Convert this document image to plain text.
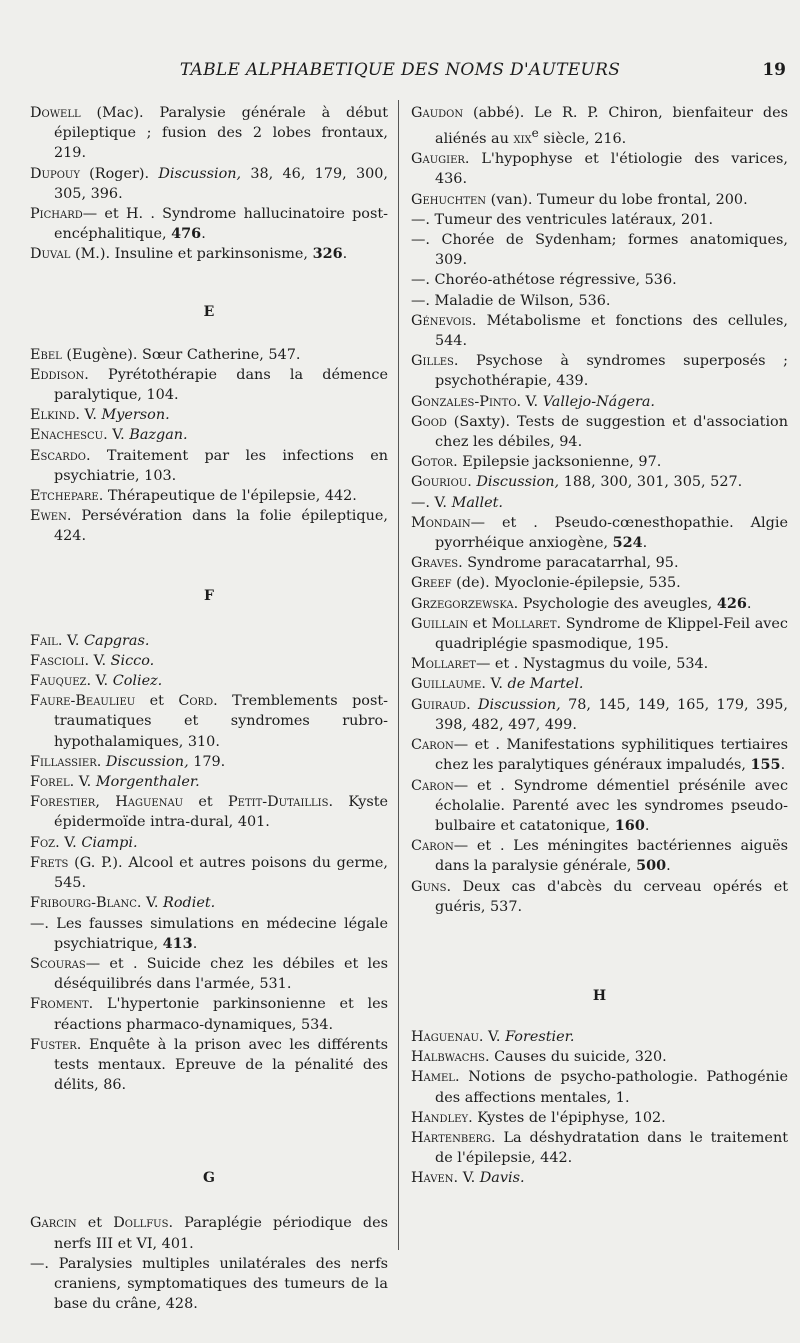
TABLE ALPHABETIQUE DES NOMS D'AUTEURS	19
Dowell (Mac). Paralysie générale à début épileptique ; fusion des 2 lobes frontaux, 219.
Dupouy (Roger). Discussion, 38, 46, 179, 300, 305, 396.
Pichard— et H. . Syndrome hallucinatoire post-encéphalitique, 476.
Duval (M.). Insuline et parkinsonisme, 326.
E
Ebel (Eugène). Sœur Catherine, 547.
Eddison. Pyrétothérapie dans la démence paralytique, 104.
Elkind. V. Myerson.
Enachescu. V. Bazgan.
Escardo. Traitement par les infections en psychiatrie, 103.
Etchepare. Thérapeutique de l'épilepsie, 442.
Ewen. Persévération dans la folie épileptique, 424.
F
Fail. V. Capgras.
Fascioli. V. Sicco.
Fauquez. V. Coliez.
Faure-Beaulieu et Cord. Tremblements post-traumatiques et syndromes rubro-hypothalamiques, 310.
Fillassier. Discussion, 179.
Forel. V. Morgenthaler.
Forestier, Haguenau et Petit-Dutaillis. Kyste épidermoïde intra-dural, 401.
Foz. V. Ciampi.
Frets (G. P.). Alcool et autres poisons du germe, 545.
Fribourg-Blanc. V. Rodiet.
—. Les fausses simulations en médecine légale psychiatrique, 413.
Scouras— et . Suicide chez les débiles et les déséquilibrés dans l'armée, 531.
Froment. L'hypertonie parkinsonienne et les réactions pharmaco-dynamiques, 534.
Fuster. Enquête à la prison avec les différents tests mentaux. Epreuve de la pénalité des délits, 86.
G
Garcin et Dollfus. Paraplégie périodique des nerfs III et VI, 401.
—. Paralysies multiples unilatérales des nerfs craniens, symptomatiques des tumeurs de la base du crâne, 428.
Gaudon (abbé). Le R. P. Chiron, bienfaiteur des aliénés au xix$^e$ siècle, 216.
Gaugier. L'hypophyse et l'étiologie des varices, 436.
Gehuchten (van). Tumeur du lobe frontal, 200.
—. Tumeur des ventricules latéraux, 201.
—. Chorée de Sydenham; formes anatomiques, 309.
—. Choréo-athétose régressive, 536.
—. Maladie de Wilson, 536.
Génevois. Métabolisme et fonctions des cellules, 544.
Gilles. Psychose à syndromes superposés ; psychothérapie, 439.
Gonzales-Pinto. V. Vallejo-Nágera.
Good (Saxty). Tests de suggestion et d'association chez les débiles, 94.
Gotor. Epilepsie jacksonienne, 97.
Gouriou. Discussion, 188, 300, 301, 305, 527.
—. V. Mallet.
Mondain— et . Pseudo-cœnesthopathie. Algie pyorrhéique anxiogène, 524.
Graves. Syndrome paracatarrhal, 95.
Greef (de). Myoclonie-épilepsie, 535.
Grzegorzewska. Psychologie des aveugles, 426.
Guillain et Mollaret. Syndrome de Klippel-Feil avec quadriplégie spasmodique, 195.
Mollaret— et . Nystagmus du voile, 534.
Guillaume. V. de Martel.
Guiraud. Discussion, 78, 145, 149, 165, 179, 395, 398, 482, 497, 499.
Caron— et . Manifestations syphilitiques tertiaires chez les paralytiques généraux impaludés, 155.
Caron— et . Syndrome démentiel présénile avec écholalie. Parenté avec les syndromes pseudo-bulbaire et catatonique, 160.
Caron— et . Les méningites bactériennes aiguës dans la paralysie générale, 500.
Guns. Deux cas d'abcès du cerveau opérés et guéris, 537.
H
Haguenau. V. Forestier.
Halbwachs. Causes du suicide, 320.
Hamel. Notions de psycho-pathologie. Pathogénie des affections mentales, 1.
Handley. Kystes de l'épiphyse, 102.
Hartenberg. La déshydratation dans le traitement de l'épilepsie, 442.
Haven. V. Davis.
